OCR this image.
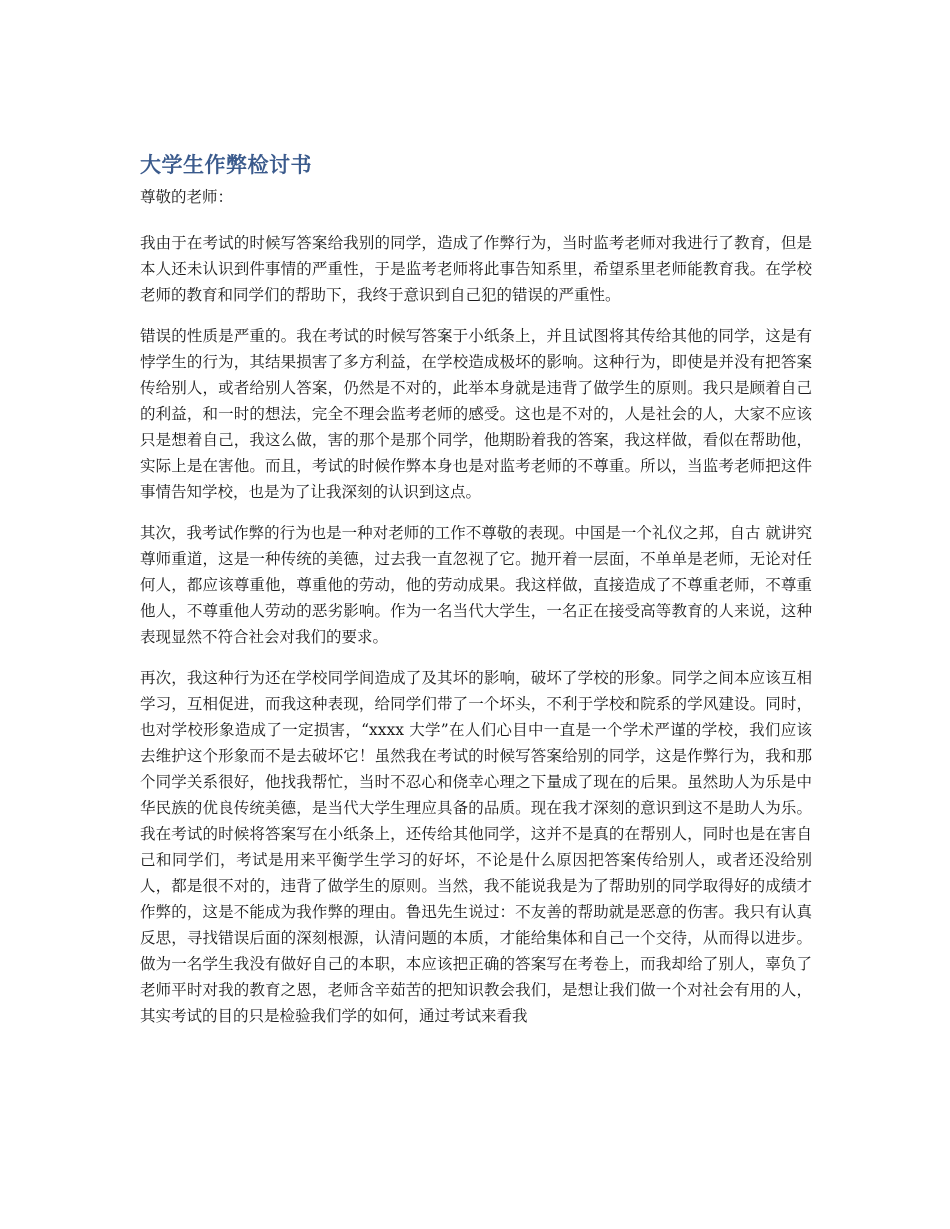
大学生作弊检讨书
尊敬的老师：

我由于在考试的时候写答案给我别的同学，造成了作弊行为，当时监考老师对我进行了教育，但是本人还未认识到件事情的严重性，于是监考老师将此事告知系里，希望系里老师能教育我。在学校老师的教育和同学们的帮助下，我终于意识到自己犯的错误的严重性。

错误的性质是严重的。我在考试的时候写答案于小纸条上，并且试图将其传给其他的同学，这是有悖学生的行为，其结果损害了多方利益，在学校造成极坏的影响。这种行为，即使是并没有把答案传给别人，或者给别人答案，仍然是不对的，此举本身就是违背了做学生的原则。我只是顾着自己的利益，和一时的想法，完全不理会监考老师的感受。这也是不对的，人是社会的人，大家不应该只是想着自己，我这么做，害的那个是那个同学，他期盼着我的答案，我这样做，看似在帮助他，实际上是在害他。而且，考试的时候作弊本身也是对监考老师的不尊重。所以，当监考老师把这件事情告知学校，也是为了让我深刻的认识到这点。

其次，我考试作弊的行为也是一种对老师的工作不尊敬的表现。中国是一个礼仪之邦，自古 就讲究尊师重道，这是一种传统的美德，过去我一直忽视了它。抛开着一层面，不单单是老师，无论对任何人，都应该尊重他，尊重他的劳动，他的劳动成果。我这样做，直接造成了不尊重老师，不尊重他人，不尊重他人劳动的恶劣影响。作为一名当代大学生，一名正在接受高等教育的人来说，这种表现显然不符合社会对我们的要求。

再次，我这种行为还在学校同学间造成了及其坏的影响，破坏了学校的形象。同学之间本应该互相学习，互相促进，而我这种表现，给同学们带了一个坏头，不利于学校和院系的学风建设。同时，也对学校形象造成了一定损害，“xxxx 大学”在人们心目中一直是一个学术严谨的学校，我们应该去维护这个形象而不是去破坏它！虽然我在考试的时候写答案给别的同学，这是作弊行为，我和那个同学关系很好，他找我帮忙，当时不忍心和侥幸心理之下量成了现在的后果。虽然助人为乐是中华民族的优良传统美德，是当代大学生理应具备的品质。现在我才深刻的意识到这不是助人为乐。我在考试的时候将答案写在小纸条上，还传给其他同学，这并不是真的在帮别人，同时也是在害自己和同学们，考试是用来平衡学生学习的好坏，不论是什么原因把答案传给别人，或者还没给别人，都是很不对的，违背了做学生的原则。当然，我不能说我是为了帮助别的同学取得好的成绩才作弊的，这是不能成为我作弊的理由。鲁迅先生说过：不友善的帮助就是恶意的伤害。我只有认真反思，寻找错误后面的深刻根源，认清问题的本质，才能给集体和自己一个交待，从而得以进步。做为一名学生我没有做好自己的本职，本应该把正确的答案写在考卷上，而我却给了别人，辜负了老师平时对我的教育之恩，老师含辛茹苦的把知识教会我们，是想让我们做一个对社会有用的人，其实考试的目的只是检验我们学的如何，通过考试来看我
